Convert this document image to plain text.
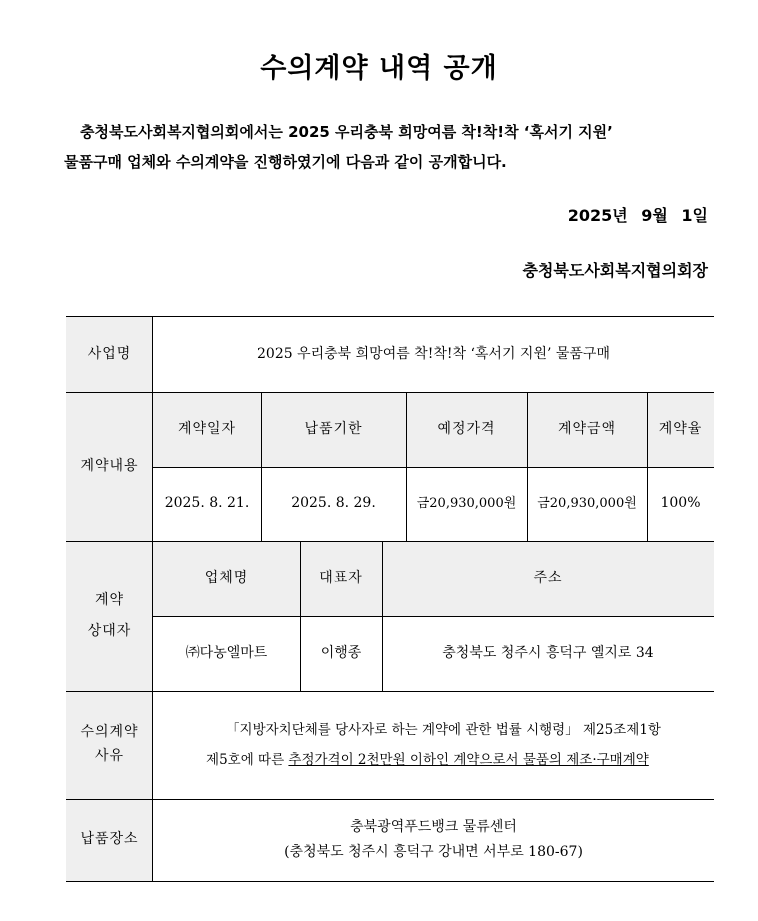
수의계약 내역 공개
충청북도사회복지협의회에서는 2025 우리충북 희망여름 착!착!착 ‘혹서기 지원’
물품구매 업체와 수의계약을 진행하였기에 다음과 같이 공개합니다.
2025년 9월 1일
충청북도사회복지협의회장
사업명	2025 우리충북 희망여름 착!착!착 ‘혹서기 지원’ 물품구매
계약내용
계약일자	납품기한	예정가격	계약금액	계약율
2025. 8. 21.	2025. 8. 29.	금20,930,000원 금20,930,000원 100%
계약
상대자
업체명	대표자	주소
㈜다농엘마트	이행종	충청북도 청주시 흥덕구 옐지로 34
수의계약
사유
「지방자치단체를 당사자로 하는 계약에 관한 법률 시행령」 제25조제1항
제5호에 따른 추정가격이 2천만원 이하인 계약으로서 물품의 제조·구매계약
납품장소
충북광역푸드뱅크 물류센터
(충청북도 청주시 흥덕구 강내면 서부로 180-67)
